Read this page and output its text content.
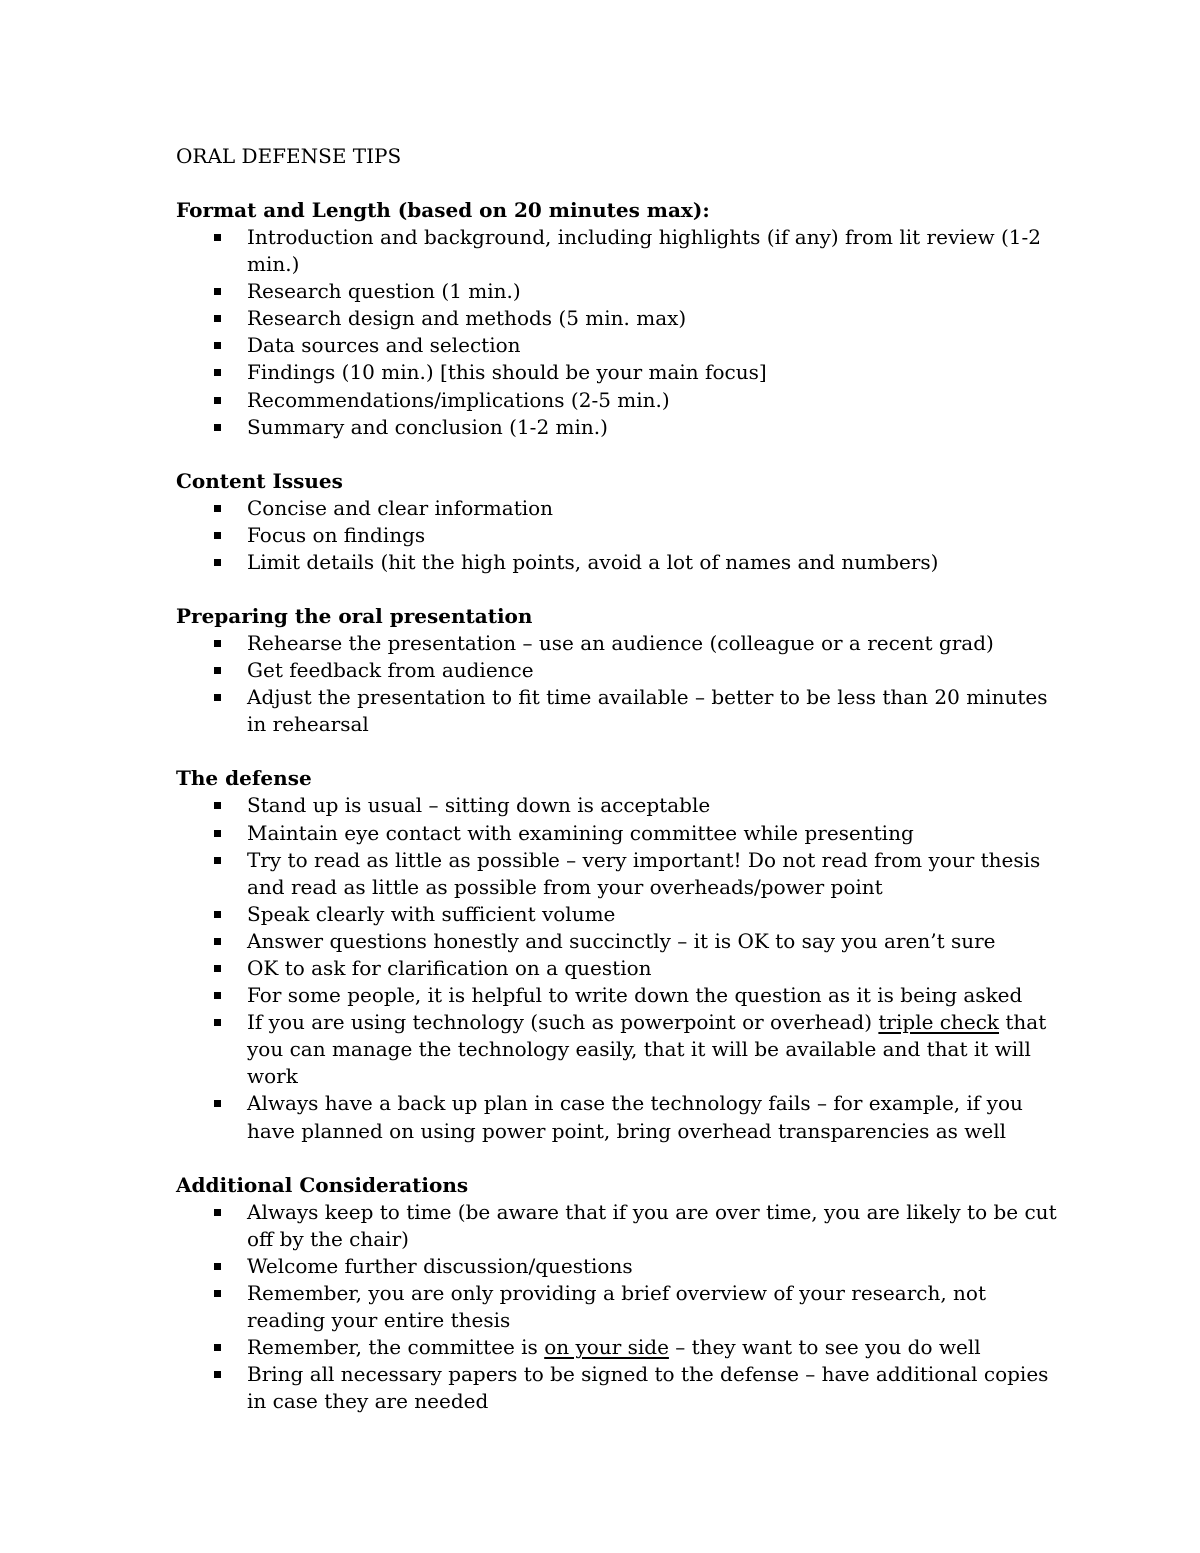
ORAL DEFENSE TIPS
Format and Length (based on 20 minutes max):
Introduction and background, including highlights (if any) from lit review (1-2 min.)
Research question (1 min.)
Research design and methods (5 min. max)
Data sources and selection
Findings (10 min.) [this should be your main focus]
Recommendations/implications (2-5 min.)
Summary and conclusion (1-2 min.)
Content Issues
Concise and clear information
Focus on findings
Limit details (hit the high points, avoid a lot of names and numbers)
Preparing the oral presentation
Rehearse the presentation – use an audience (colleague or a recent grad)
Get feedback from audience
Adjust the presentation to fit time available – better to be less than 20 minutes in rehearsal
The defense
Stand up is usual – sitting down is acceptable
Maintain eye contact with examining committee while presenting
Try to read as little as possible – very important! Do not read from your thesis and read as little as possible from your overheads/power point
Speak clearly with sufficient volume
Answer questions honestly and succinctly – it is OK to say you aren’t sure
OK to ask for clarification on a question
For some people, it is helpful to write down the question as it is being asked
If you are using technology (such as powerpoint or overhead) triple check that you can manage the technology easily, that it will be available and that it will work
Always have a back up plan in case the technology fails – for example, if you have planned on using power point, bring overhead transparencies as well
Additional Considerations
Always keep to time (be aware that if you are over time, you are likely to be cut off by the chair)
Welcome further discussion/questions
Remember, you are only providing a brief overview of your research, not reading your entire thesis
Remember, the committee is on your side – they want to see you do well
Bring all necessary papers to be signed to the defense – have additional copies in case they are needed
